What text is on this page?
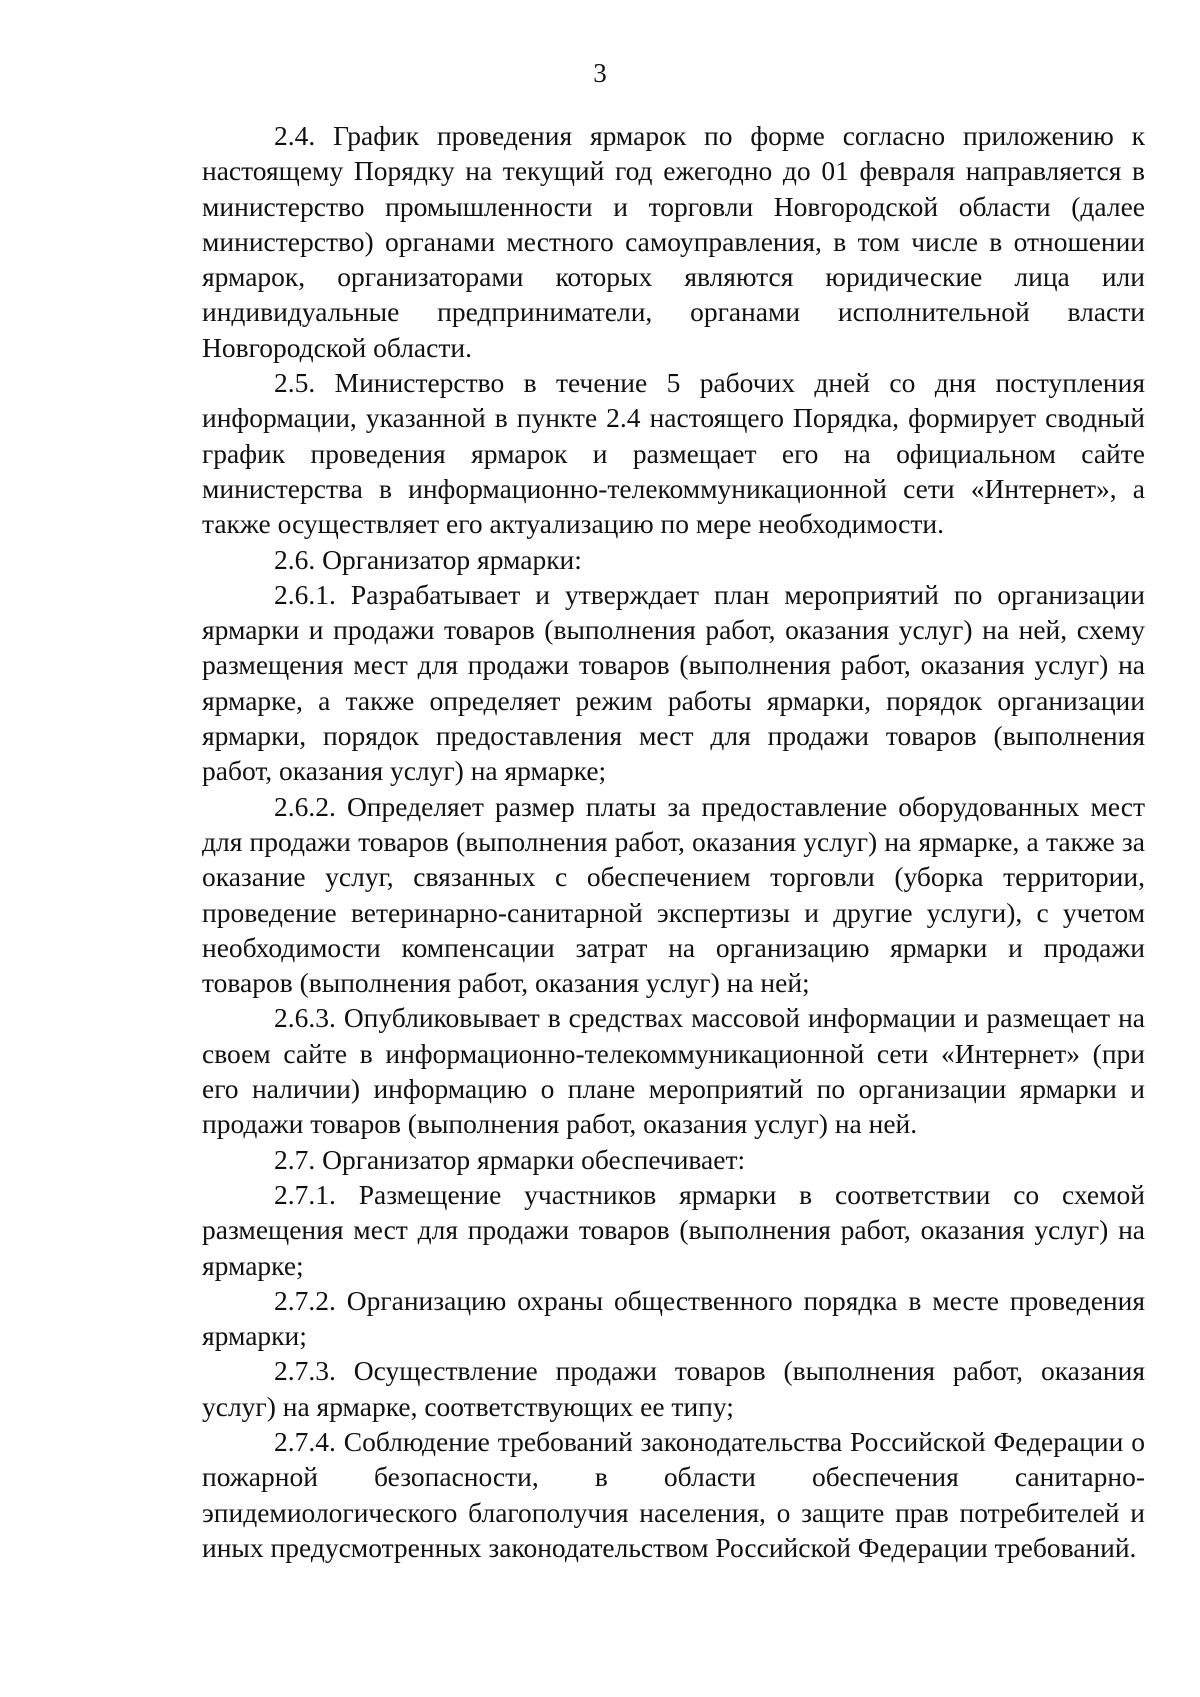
3

2.4. График проведения ярмарок по форме согласно приложению к настоящему Порядку на текущий год ежегодно до 01 февраля направляется в министерство промышленности и торговли Новгородской области (далее министерство) органами местного самоуправления, в том числе в отношении ярмарок, организаторами которых являются юридические лица или индивидуальные предприниматели, органами исполнительной власти Новгородской области.

2.5. Министерство в течение 5 рабочих дней со дня поступления информации, указанной в пункте 2.4 настоящего Порядка, формирует сводный график проведения ярмарок и размещает его на официальном сайте министерства в информационно-телекоммуникационной сети «Интернет», а также осуществляет его актуализацию по мере необходимости.

2.6. Организатор ярмарки:

2.6.1. Разрабатывает и утверждает план мероприятий по организации ярмарки и продажи товаров (выполнения работ, оказания услуг) на ней, схему размещения мест для продажи товаров (выполнения работ, оказания услуг) на ярмарке, а также определяет режим работы ярмарки, порядок организации ярмарки, порядок предоставления мест для продажи товаров (выполнения работ, оказания услуг) на ярмарке;

2.6.2. Определяет размер платы за предоставление оборудованных мест для продажи товаров (выполнения работ, оказания услуг) на ярмарке, а также за оказание услуг, связанных с обеспечением торговли (уборка территории, проведение ветеринарно-санитарной экспертизы и другие услуги), с учетом необходимости компенсации затрат на организацию ярмарки и продажи товаров (выполнения работ, оказания услуг) на ней;

2.6.3. Опубликовывает в средствах массовой информации и размещает на своем сайте в информационно-телекоммуникационной сети «Интернет» (при его наличии) информацию о плане мероприятий по организации ярмарки и продажи товаров (выполнения работ, оказания услуг) на ней.

2.7. Организатор ярмарки обеспечивает:

2.7.1. Размещение участников ярмарки в соответствии со схемой размещения мест для продажи товаров (выполнения работ, оказания услуг) на ярмарке;

2.7.2. Организацию охраны общественного порядка в месте проведения ярмарки;

2.7.3. Осуществление продажи товаров (выполнения работ, оказания услуг) на ярмарке, соответствующих ее типу;

2.7.4. Соблюдение требований законодательства Российской Федерации о пожарной безопасности, в области обеспечения санитарно-эпидемиологического благополучия населения, о защите прав потребителей и иных предусмотренных законодательством Российской Федерации требований.
